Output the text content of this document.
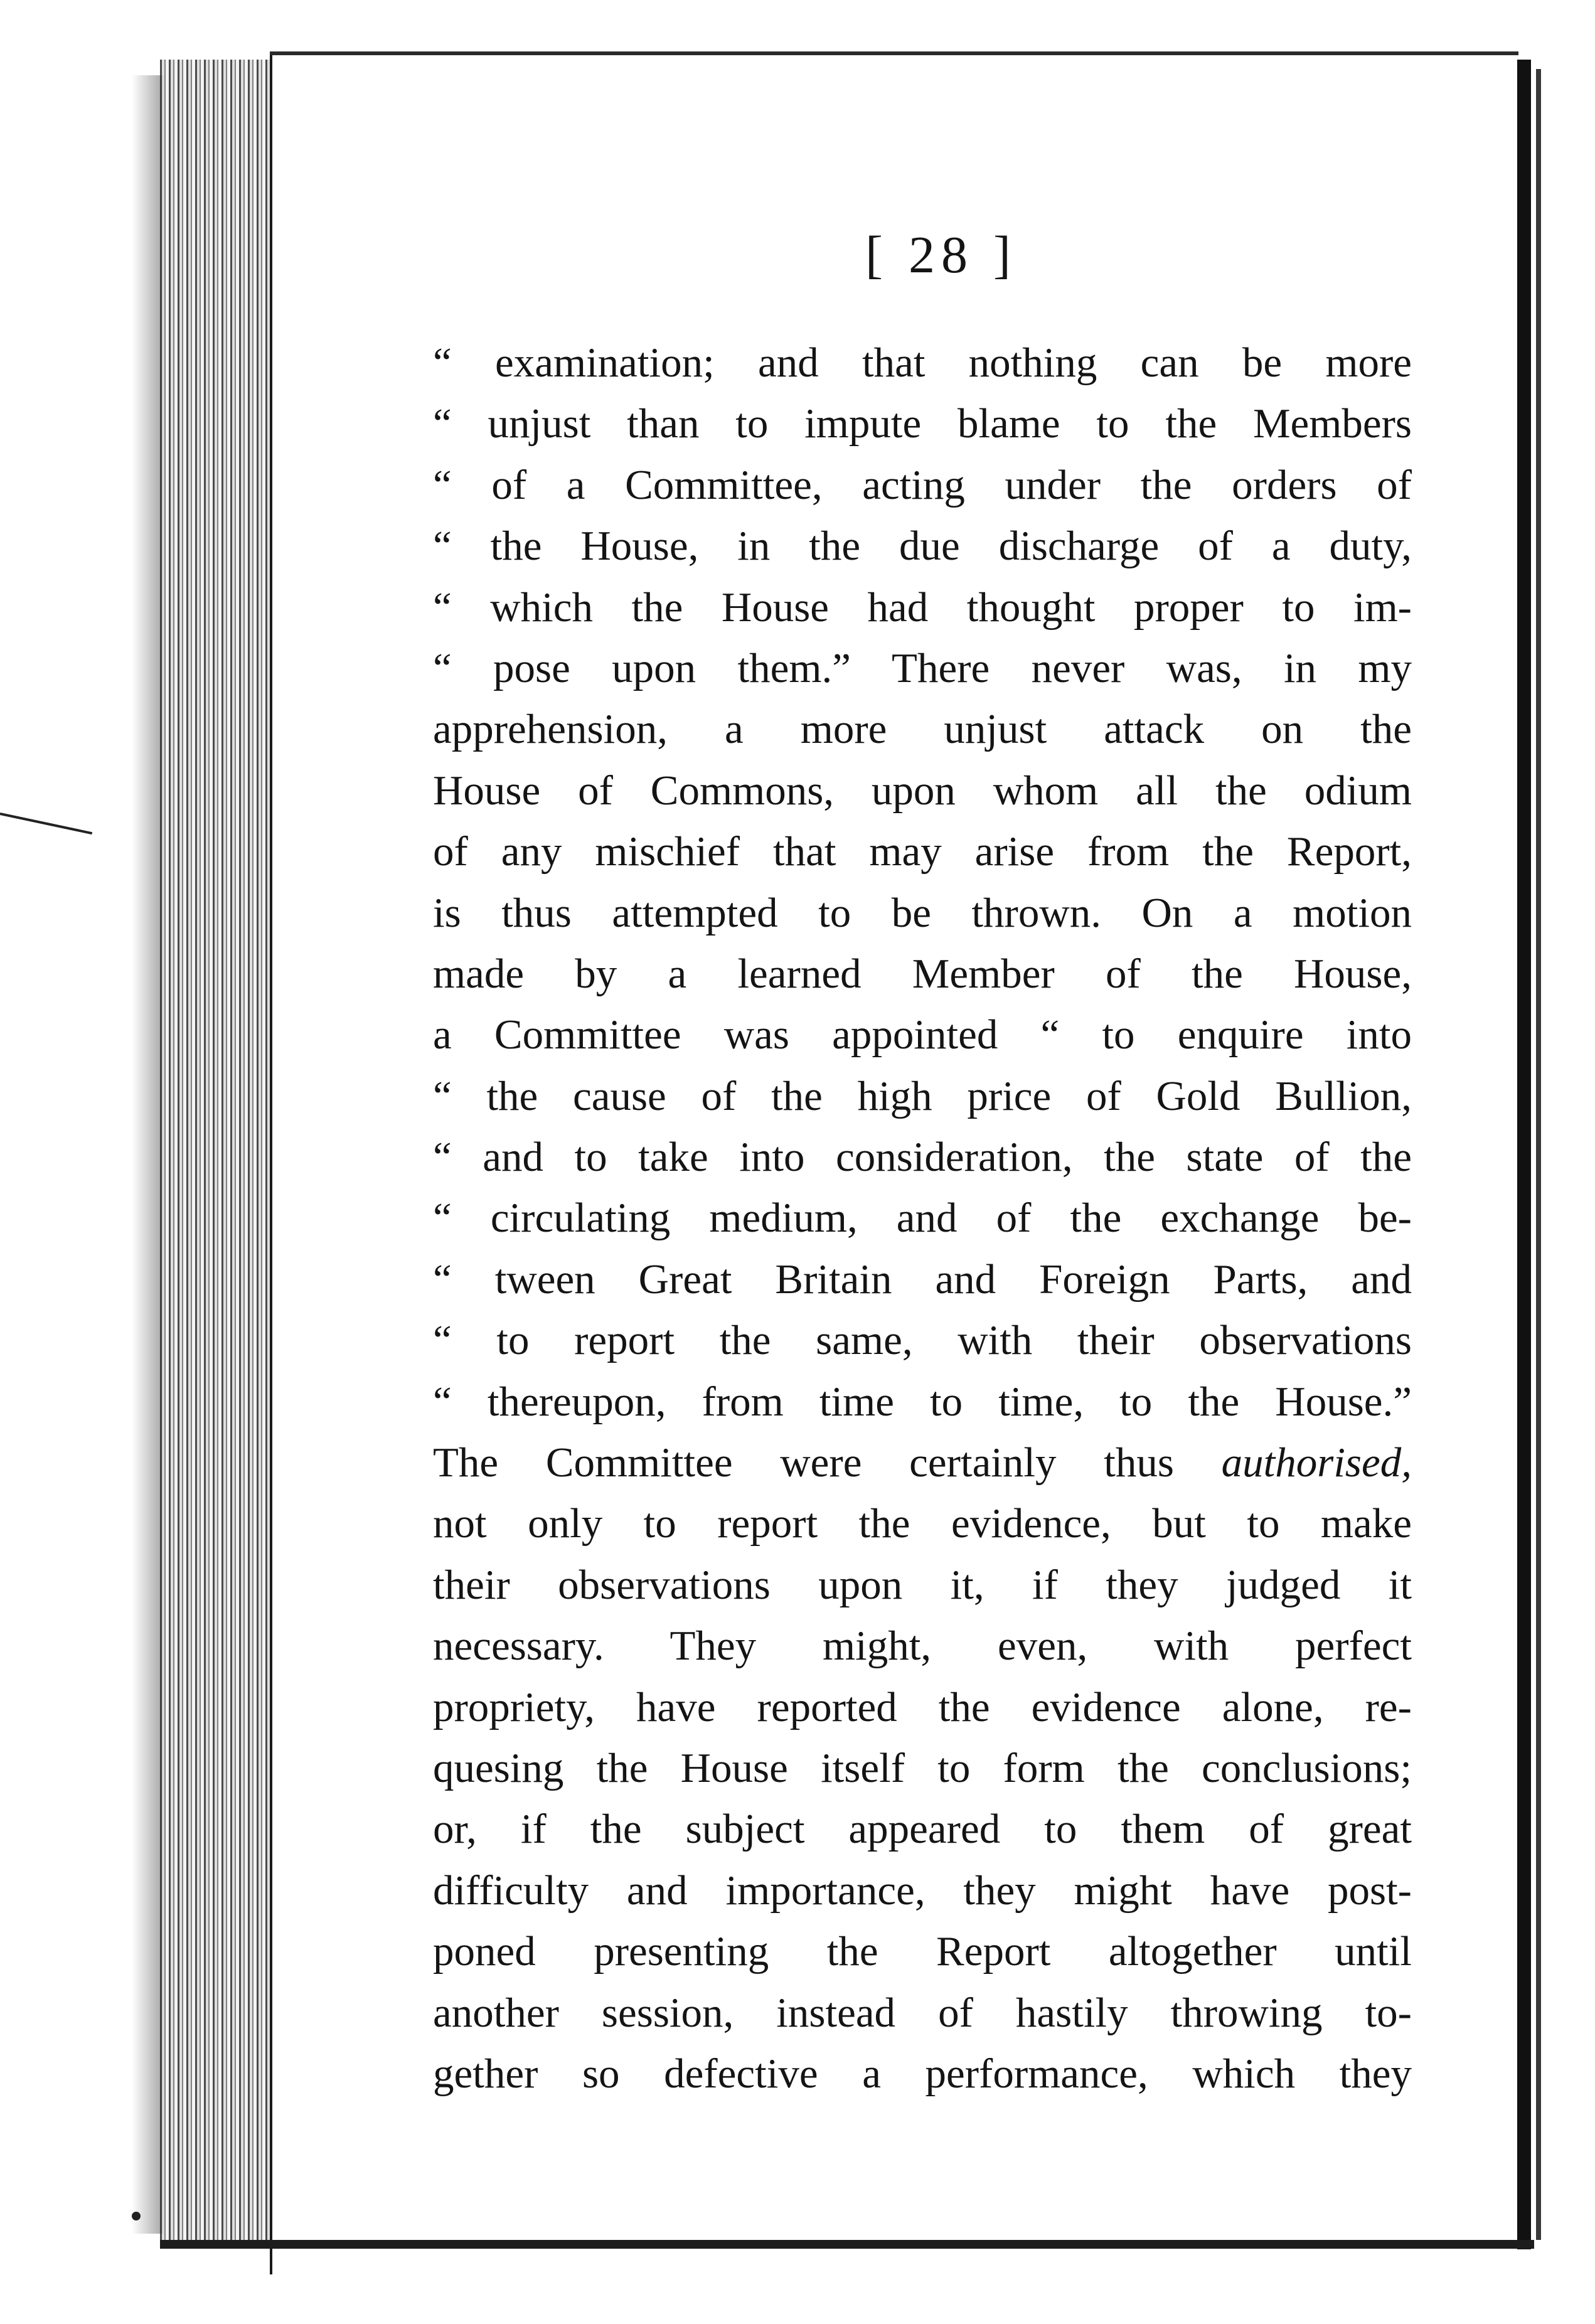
[ 28 ]
“ examination; and that nothing can be more
“ unjust than to impute blame to the Members
“ of a Committee, acting under the orders of
“ the House, in the due discharge of a duty,
“ which the House had thought proper to im-
“ pose upon them.” There never was, in my
apprehension, a more unjust attack on the
House of Commons, upon whom all the odium
of any mischief that may arise from the Report,
is thus attempted to be thrown. On a motion
made by a learned Member of the House,
a Committee was appointed “ to enquire into
“ the cause of the high price of Gold Bullion,
“ and to take into consideration, the state of the
“ circulating medium, and of the exchange be-
“ tween Great Britain and Foreign Parts, and
“ to report the same, with their observations
“ thereupon, from time to time, to the House.”
The Committee were certainly thus authorised,
not only to report the evidence, but to make
their observations upon it, if they judged it
necessary. They might, even, with perfect
propriety, have reported the evidence alone, re-
quesing the House itself to form the conclusions;
or, if the subject appeared to them of great
difficulty and importance, they might have post-
poned presenting the Report altogether until
another session, instead of hastily throwing to-
gether so defective a performance, which they
